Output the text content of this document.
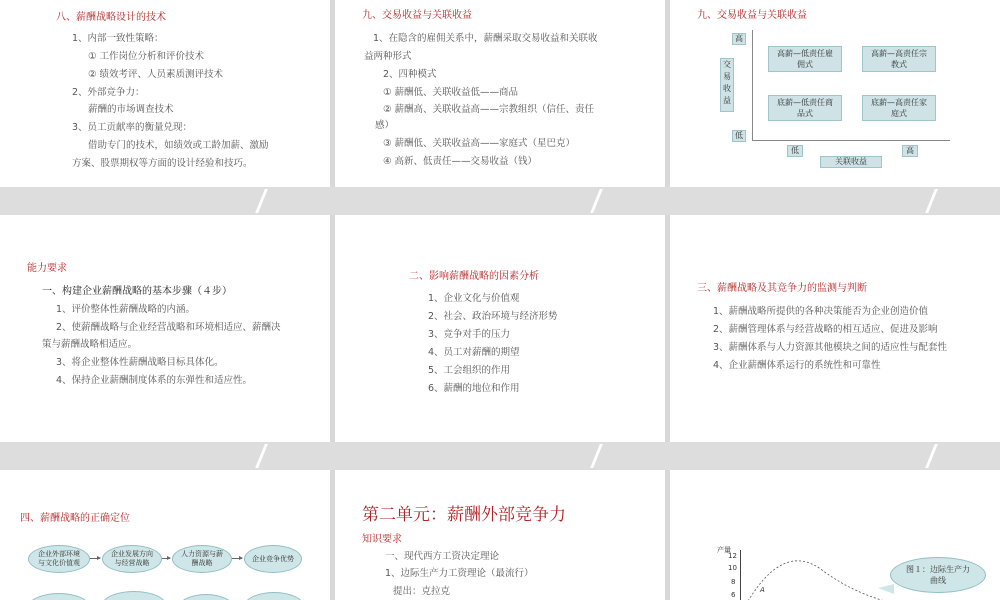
八、薪酬战略设计的技术
1、内部一致性策略：
① 工作岗位分析和评价技术
② 绩效考评、人员素质测评技术
2、外部竞争力：
薪酬的市场调查技术
3、员工贡献率的衡量兑现：
借助专门的技术，如绩效或工龄加薪、激励
方案、股票期权等方面的设计经验和技巧。
九、交易收益与关联收益
1、在隐含的雇佣关系中，薪酬采取交易收益和关联收
益两种形式
2、四种模式
① 薪酬低、关联收益低——商品
② 薪酬高、关联收益高——宗教组织（信任、责任
感）
③ 薪酬低、关联收益高——家庭式（星巴克）
④ 高新、低责任——交易收益（钱）
九、交易收益与关联收益
高
交易收益
低
低	高
关联收益
高薪—低责任雇佣式
高薪—高责任宗教式
底薪—低责任商品式
底薪—高责任家庭式
能力要求
一、构建企业薪酬战略的基本步骤（４步）
1、评价整体性薪酬战略的内涵。
2、使薪酬战略与企业经营战略和环境相适应、薪酬决
策与薪酬战略相适应。
3、将企业整体性薪酬战略目标具体化。
4、保持企业薪酬制度体系的东弹性和适应性。
二、影响薪酬战略的因素分析
1、企业文化与价值观
2、社会、政治环境与经济形势
3、竞争对手的压力
4、员工对薪酬的期望
5、工会组织的作用
6、薪酬的地位和作用
三、薪酬战略及其竞争力的监测与判断
1、薪酬战略所提供的各种决策能否为企业创造价值
2、薪酬管理体系与经营战略的相互适应、促进及影响
3、薪酬体系与人力资源其他模块之间的适应性与配套性
4、企业薪酬体系运行的系统性和可靠性
四、薪酬战略的正确定位
企业外部环境与文化价值观
企业发展方向与经营战略
人力资源与薪酬战略
企业竞争优势
第二单元：薪酬外部竞争力
知识要求
一、现代西方工资决定理论
1、边际生产力工资理论（最流行）
提出：克拉克
产量
12
10
8
6
A
图１：边际生产力曲线
